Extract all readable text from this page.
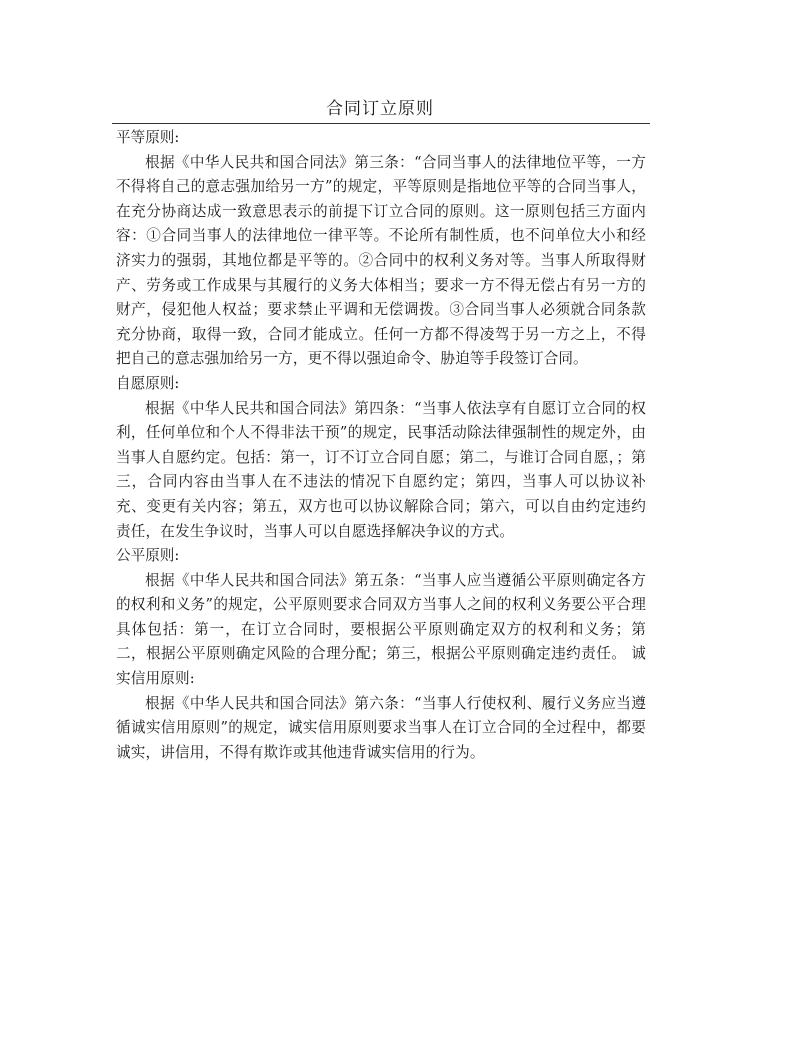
合同订立原则

平等原则:

根据《中华人民共和国合同法》第三条：“合同当事人的法律地位平等，一方不得将自己的意志强加给另一方”的规定，平等原则是指地位平等的合同当事人，在充分协商达成一致意思表示的前提下订立合同的原则。这一原则包括三方面内容：①合同当事人的法律地位一律平等。不论所有制性质，也不问单位大小和经济实力的强弱，其地位都是平等的。②合同中的权利义务对等。当事人所取得财产、劳务或工作成果与其履行的义务大体相当；要求一方不得无偿占有另一方的财产，侵犯他人权益；要求禁止平调和无偿调拨。③合同当事人必须就合同条款充分协商，取得一致，合同才能成立。任何一方都不得凌驾于另一方之上，不得把自己的意志强加给另一方，更不得以强迫命令、胁迫等手段签订合同。

自愿原则:

根据《中华人民共和国合同法》第四条：“当事人依法享有自愿订立合同的权利，任何单位和个人不得非法干预”的规定，民事活动除法律强制性的规定外，由当事人自愿约定。包括：第一，订不订立合同自愿；第二，与谁订合同自愿，；第三，合同内容由当事人在不违法的情况下自愿约定；第四，当事人可以协议补充、变更有关内容；第五，双方也可以协议解除合同；第六，可以自由约定违约责任，在发生争议时，当事人可以自愿选择解决争议的方式。

公平原则:

根据《中华人民共和国合同法》第五条：“当事人应当遵循公平原则确定各方的权利和义务”的规定，公平原则要求合同双方当事人之间的权利义务要公平合理具体包括：第一，在订立合同时，要根据公平原则确定双方的权利和义务；第二，根据公平原则确定风险的合理分配；第三，根据公平原则确定违约责任。 诚实信用原则:

根据《中华人民共和国合同法》第六条：“当事人行使权利、履行义务应当遵循诚实信用原则”的规定，诚实信用原则要求当事人在订立合同的全过程中，都要诚实，讲信用，不得有欺诈或其他违背诚实信用的行为。
